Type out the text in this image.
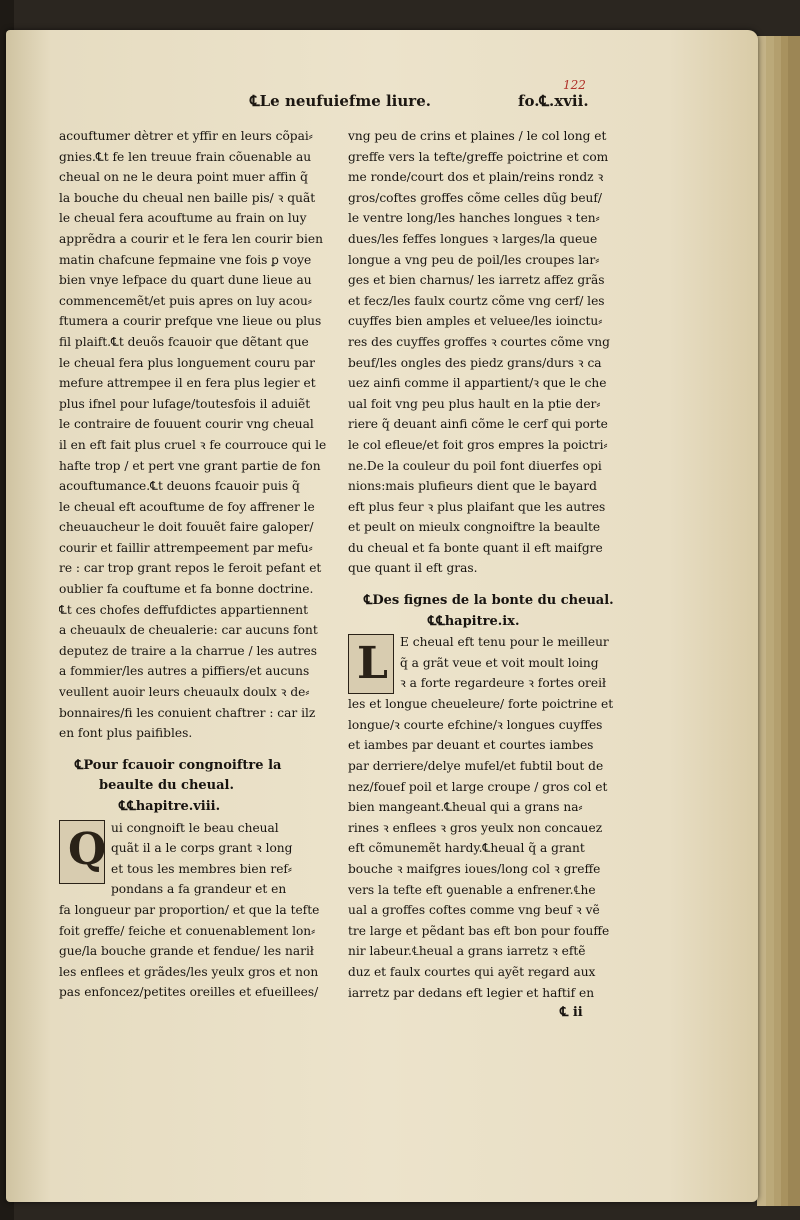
122
℄Le neufuiefme liure.	fo.℄.xvii.
acouftumer dètrer et yffir en leurs cõpai⸗
gnies.℄t fe len treuue frain cõuenable au
cheual on ne le deura point muer affin q̃
la bouche du cheual nen baille pis/ ꝛ quãt
le cheual fera acouftume au frain on luy
apprẽdra a courir et le fera len courir bien
matin chafcune fepmaine vne fois ꝑ voye
bien vnye lefpace du quart dune lieue au
commencemẽt/et puis apres on luy acou⸗
ftumera a courir prefque vne lieue ou plus
fil plaift.℄t deuõs fcauoir que dẽtant que
le cheual fera plus longuement couru par
mefure attrempee il en fera plus legier et
plus ifnel pour lufage/toutesfois il aduiẽt
le contraire de fouuent courir vng cheual
il en eft fait plus cruel ꝛ fe courrouce qui le
hafte trop / et pert vne grant partie de fon
acouftumance.℄t deuons fcauoir puis q̃
le cheual eft acouftume de foy affrener le
cheuaucheur le doit fouuẽt faire galoper/
courir et faillir attrempeement par mefu⸗
re : car trop grant repos le feroit pefant et
oublier fa couftume et fa bonne doctrine.
℄t ces chofes deffufdictes appartiennent
a cheuaulx de cheualerie: car aucuns font
deputez de traire a la charrue / les autres
a fommier/les autres a piffiers/et aucuns
veullent auoir leurs cheuaulx doulx ꝛ de⸗
bonnaires/fi les conuient chaftrer : car ilz
en font plus paifibles.
℄Pour fcauoir congnoiftre la
beaulte du cheual.
℄℄hapitre.viii.
Q ui congnoift le beau cheual
quãt il a le corps grant ꝛ long
et tous les membres bien ref⸗
pondans a fa grandeur et en
fa longueur par proportion/ et que la tefte
foit greffe/ feiche et conuenablement lon⸗
gue/la bouche grande et fendue/ les narił
les enflees et grãdes/les yeulx gros et non
pas enfoncez/petites oreilles et efueillees/
vng peu de crins et plaines / le col long et
greffe vers la tefte/greffe poictrine et com
me ronde/court dos et plain/reins rondz ꝛ
gros/coftes groffes cõme celles dũg beuf/
le ventre long/les hanches longues ꝛ ten⸗
dues/les feffes longues ꝛ larges/la queue
longue a vng peu de poil/les croupes lar⸗
ges et bien charnus/ les iarretz affez grãs
et fecz/les faulx courtz cõme vng cerf/ les
cuyffes bien amples et veluee/les ioinctu⸗
res des cuyffes groffes ꝛ courtes cõme vng
beuf/les ongles des piedz grans/durs ꝛ ca
uez ainfi comme il appartient/ꝛ que le che
ual foit vng peu plus hault en la ptie der⸗
riere q̃ deuant ainfi cõme le cerf qui porte
le col efleue/et foit gros empres la poictri⸗
ne.De la couleur du poil font diuerfes opi
nions:mais plufieurs dient que le bayard
eft plus feur ꝛ plus plaifant que les autres
et peult on mieulx congnoiftre la beaulte
du cheual et fa bonte quant il eft maifgre
que quant il eft gras.
℄Des fignes de la bonte du cheual.
℄℄hapitre.ix.
L E cheual eft tenu pour le meilleur
q̃ a grãt veue et voit moult loing
ꝛ a forte regardeure ꝛ fortes oreił
les et longue cheueleure/ forte poictrine et
longue/ꝛ courte efchine/ꝛ longues cuyffes
et iambes par deuant et courtes iambes
par derriere/delye mufel/et fubtil bout de
nez/fouef poil et large croupe / gros col et
bien mangeant.℄heual qui a grans na⸗
rines ꝛ enflees ꝛ gros yeulx non concauez
eft cõmunemẽt hardy.℄heual q̃ a grant
bouche ꝛ maifgres ioues/long col ꝛ greffe
vers la tefte eft ꝯuenable a enfrener.℄he
ual a groffes coftes comme vng beuf ꝛ vẽ
tre large et pẽdant bas eft bon pour fouffe
nir labeur.℄heual a grans iarretz ꝛ eftẽ
duz et faulx courtes qui ayẽt regard aux
iarretz par dedans eft legier et haftif en
℄ ii
